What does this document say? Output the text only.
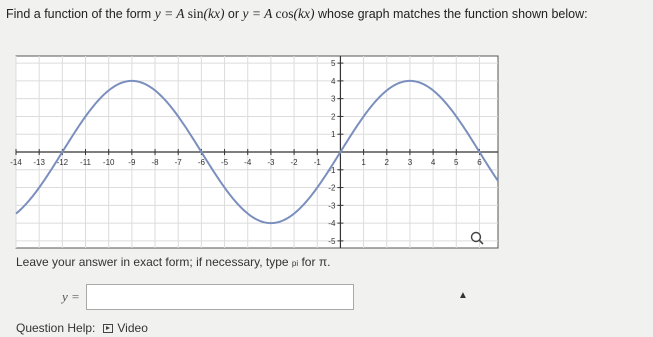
Find a function of the form y = A sin(kx) or y = A cos(kx) whose graph matches the function shown below:
-14 -13 -12 -11 -10 -9 -8 -7 -6 -5 -4 -3 -2 -1	1 2 3 4 5 6
5
4
3
2
1
-1
-2
-3
-4
-5
Leave your answer in exact form; if necessary, type pi for π.
y =	▲
Question Help: Video
